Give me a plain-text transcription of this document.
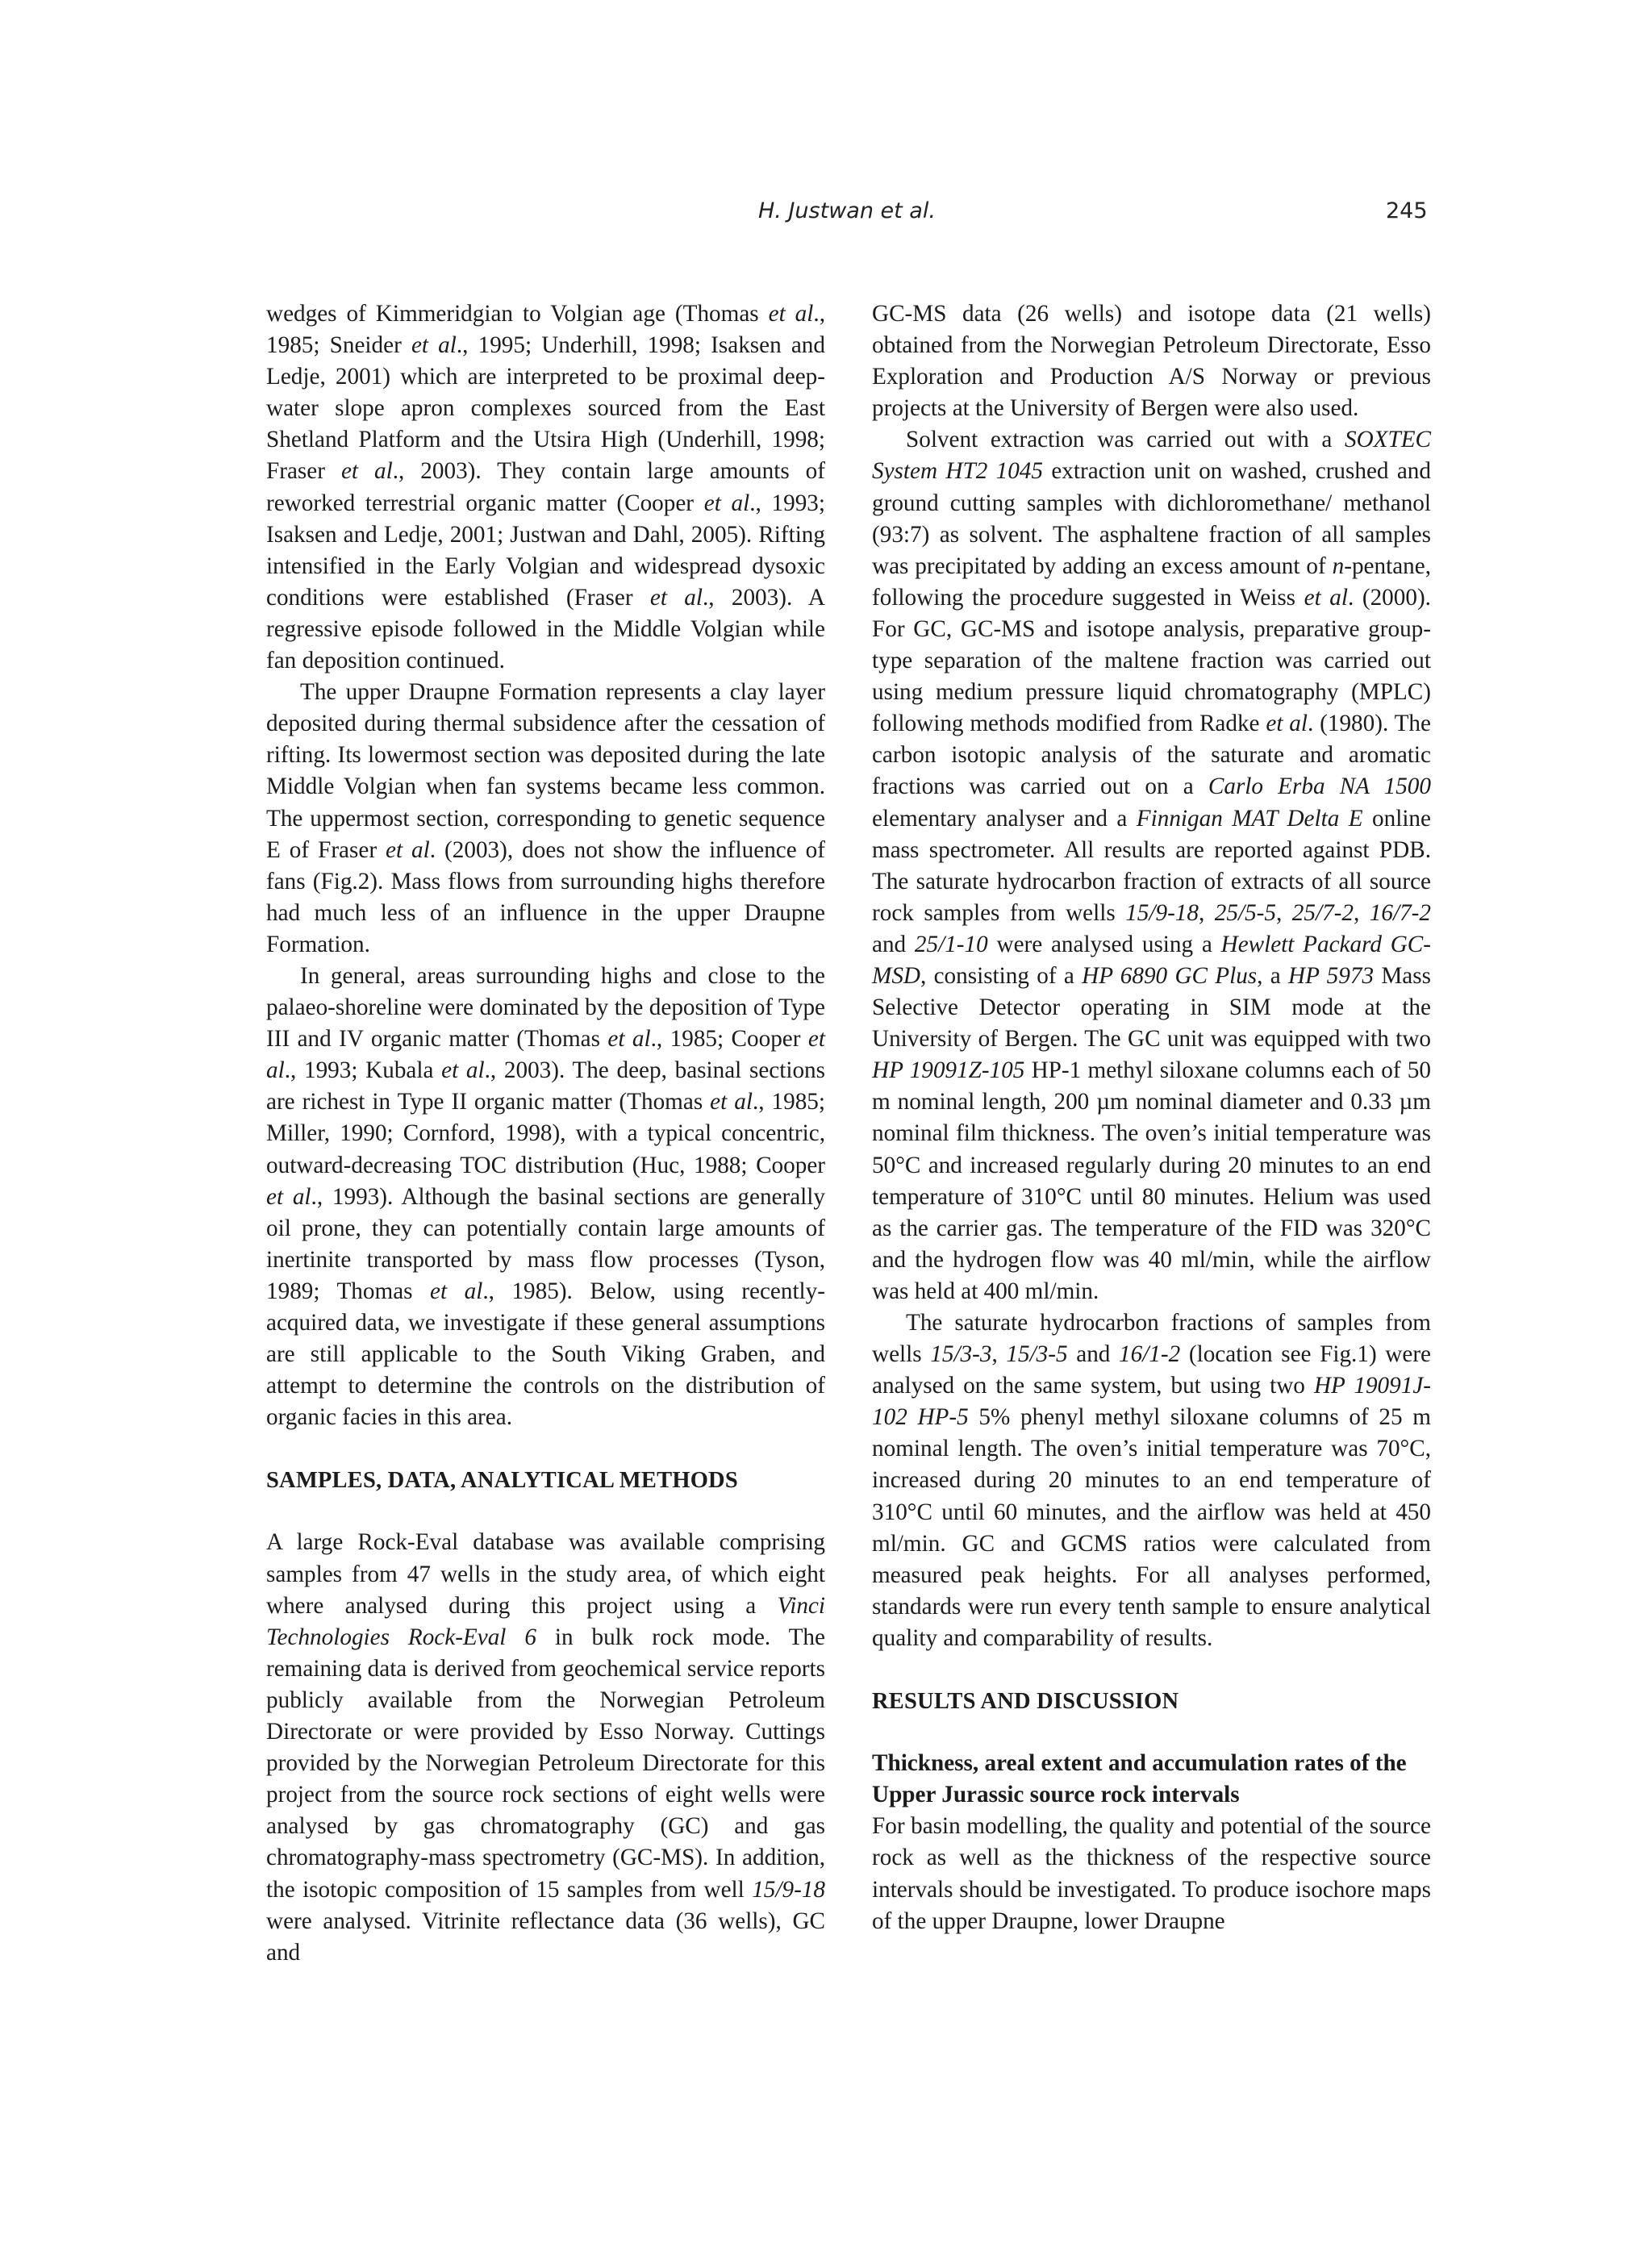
H. Justwan et al.	245

wedges of Kimmeridgian to Volgian age (Thomas et al., 1985; Sneider et al., 1995; Underhill, 1998; Isaksen and Ledje, 2001) which are interpreted to be proximal deep-water slope apron complexes sourced from the East Shetland Platform and the Utsira High (Underhill, 1998; Fraser et al., 2003). They contain large amounts of reworked terrestrial organic matter (Cooper et al., 1993; Isaksen and Ledje, 2001; Justwan and Dahl, 2005). Rifting intensified in the Early Volgian and widespread dysoxic conditions were established (Fraser et al., 2003). A regressive episode followed in the Middle Volgian while fan deposition continued.

The upper Draupne Formation represents a clay layer deposited during thermal subsidence after the cessation of rifting. Its lowermost section was deposited during the late Middle Volgian when fan systems became less common. The uppermost section, corresponding to genetic sequence E of Fraser et al. (2003), does not show the influence of fans (Fig.2). Mass flows from surrounding highs therefore had much less of an influence in the upper Draupne Formation.

In general, areas surrounding highs and close to the palaeo-shoreline were dominated by the deposition of Type III and IV organic matter (Thomas et al., 1985; Cooper et al., 1993; Kubala et al., 2003). The deep, basinal sections are richest in Type II organic matter (Thomas et al., 1985; Miller, 1990; Cornford, 1998), with a typical concentric, outward-decreasing TOC distribution (Huc, 1988; Cooper et al., 1993). Although the basinal sections are generally oil prone, they can potentially contain large amounts of inertinite transported by mass flow processes (Tyson, 1989; Thomas et al., 1985). Below, using recently-acquired data, we investigate if these general assumptions are still applicable to the South Viking Graben, and attempt to determine the controls on the distribution of organic facies in this area.

SAMPLES, DATA, ANALYTICAL METHODS

A large Rock-Eval database was available comprising samples from 47 wells in the study area, of which eight where analysed during this project using a Vinci Technologies Rock-Eval 6 in bulk rock mode. The remaining data is derived from geochemical service reports publicly available from the Norwegian Petroleum Directorate or were provided by Esso Norway. Cuttings provided by the Norwegian Petroleum Directorate for this project from the source rock sections of eight wells were analysed by gas chromatography (GC) and gas chromatography-mass spectrometry (GC-MS). In addition, the isotopic composition of 15 samples from well 15/9-18 were analysed. Vitrinite reflectance data (36 wells), GC and

GC-MS data (26 wells) and isotope data (21 wells) obtained from the Norwegian Petroleum Directorate, Esso Exploration and Production A/S Norway or previous projects at the University of Bergen were also used.

Solvent extraction was carried out with a SOXTEC System HT2 1045 extraction unit on washed, crushed and ground cutting samples with dichloromethane/ methanol (93:7) as solvent. The asphaltene fraction of all samples was precipitated by adding an excess amount of n-pentane, following the procedure suggested in Weiss et al. (2000). For GC, GC-MS and isotope analysis, preparative group-type separation of the maltene fraction was carried out using medium pressure liquid chromatography (MPLC) following methods modified from Radke et al. (1980). The carbon isotopic analysis of the saturate and aromatic fractions was carried out on a Carlo Erba NA 1500 elementary analyser and a Finnigan MAT Delta E online mass spectrometer. All results are reported against PDB. The saturate hydrocarbon fraction of extracts of all source rock samples from wells 15/9-18, 25/5-5, 25/7-2, 16/7-2 and 25/1-10 were analysed using a Hewlett Packard GC-MSD, consisting of a HP 6890 GC Plus, a HP 5973 Mass Selective Detector operating in SIM mode at the University of Bergen. The GC unit was equipped with two HP 19091Z-105 HP-1 methyl siloxane columns each of 50 m nominal length, 200 µm nominal diameter and 0.33 µm nominal film thickness. The oven’s initial temperature was 50°C and increased regularly during 20 minutes to an end temperature of 310°C until 80 minutes. Helium was used as the carrier gas. The temperature of the FID was 320°C and the hydrogen flow was 40 ml/min, while the airflow was held at 400 ml/min.

The saturate hydrocarbon fractions of samples from wells 15/3-3, 15/3-5 and 16/1-2 (location see Fig.1) were analysed on the same system, but using two HP 19091J-102 HP-5 5% phenyl methyl siloxane columns of 25 m nominal length. The oven’s initial temperature was 70°C, increased during 20 minutes to an end temperature of 310°C until 60 minutes, and the airflow was held at 450 ml/min. GC and GCMS ratios were calculated from measured peak heights. For all analyses performed, standards were run every tenth sample to ensure analytical quality and comparability of results.

RESULTS AND DISCUSSION
Thickness, areal extent and accumulation rates of the Upper Jurassic source rock intervals

For basin modelling, the quality and potential of the source rock as well as the thickness of the respective source intervals should be investigated. To produce isochore maps of the upper Draupne, lower Draupne
